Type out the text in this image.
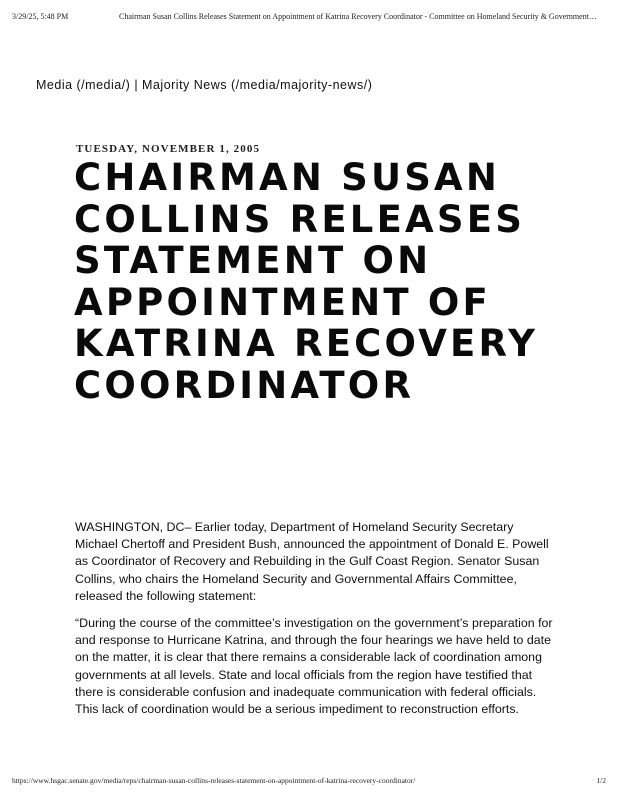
3/29/25, 5:48 PM	Chairman Susan Collins Releases Statement on Appointment of Katrina Recovery Coordinator - Committee on Homeland Security & Government…
Media (/media/) | Majority News (/media/majority-news/)
TUESDAY, NOVEMBER 1, 2005
CHAIRMAN SUSAN COLLINS RELEASES STATEMENT ON APPOINTMENT OF KATRINA RECOVERY COORDINATOR

WASHINGTON, DC– Earlier today, Department of Homeland Security Secretary Michael Chertoff and President Bush, announced the appointment of Donald E. Powell as Coordinator of Recovery and Rebuilding in the Gulf Coast Region. Senator Susan Collins, who chairs the Homeland Security and Governmental Affairs Committee, released the following statement:

“During the course of the committee’s investigation on the government’s preparation for and response to Hurricane Katrina, and through the four hearings we have held to date on the matter, it is clear that there remains a considerable lack of coordination among governments at all levels. State and local officials from the region have testified that there is considerable confusion and inadequate communication with federal officials. This lack of coordination would be a serious impediment to reconstruction efforts.

https://www.hsgac.senate.gov/media/reps/chairman-susan-collins-releases-statement-on-appointment-of-katrina-recovery-coordinator/	1/2
